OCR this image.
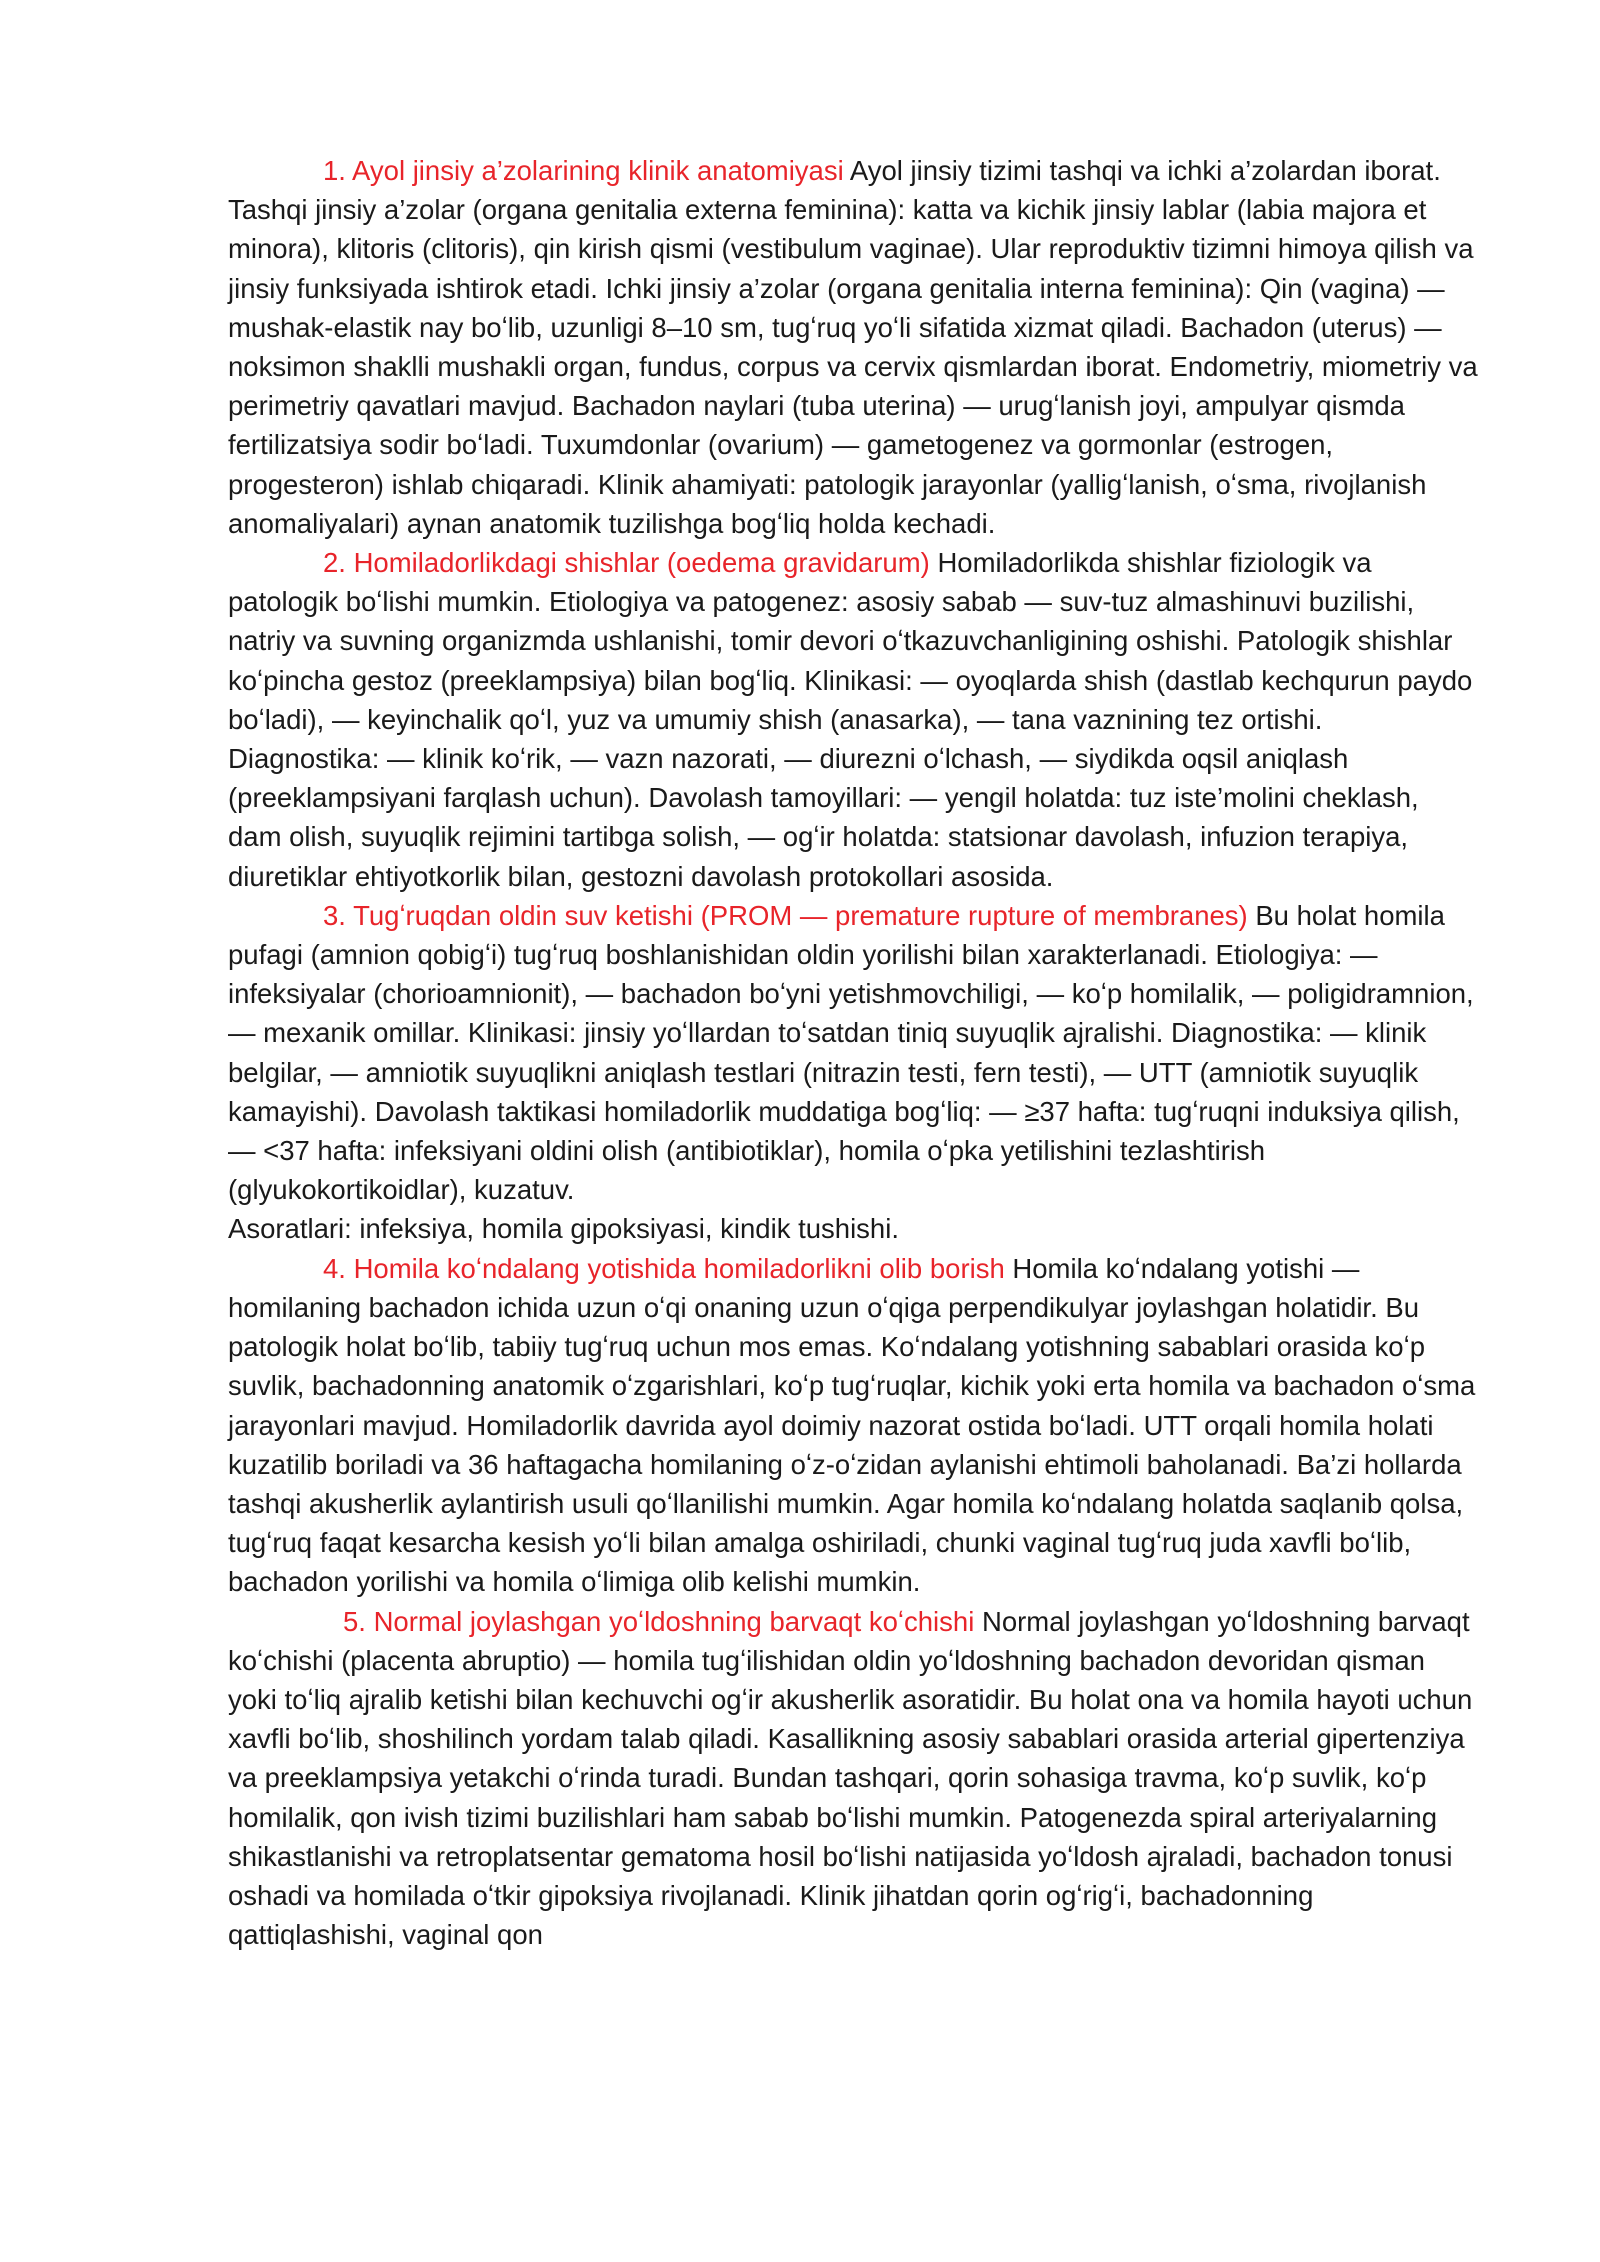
1. Ayol jinsiy a’zolarining klinik anatomiyasi Ayol jinsiy tizimi tashqi va ichki a’zolardan iborat. Tashqi jinsiy a’zolar (organa genitalia externa feminina): katta va kichik jinsiy lablar (labia majora et minora), klitoris (clitoris), qin kirish qismi (vestibulum vaginae). Ular reproduktiv tizimni himoya qilish va jinsiy funksiyada ishtirok etadi. Ichki jinsiy a’zolar (organa genitalia interna feminina): Qin (vagina) — mushak-elastik nay boʻlib, uzunligi 8–10 sm, tugʻruq yoʻli sifatida xizmat qiladi. Bachadon (uterus) — noksimon shaklli mushakli organ, fundus, corpus va cervix qismlardan iborat. Endometriy, miometriy va perimetriy qavatlari mavjud. Bachadon naylari (tuba uterina) — urugʻlanish joyi, ampulyar qismda fertilizatsiya sodir boʻladi. Tuxumdonlar (ovarium) — gametogenez va gormonlar (estrogen, progesteron) ishlab chiqaradi. Klinik ahamiyati: patologik jarayonlar (yalligʻlanish, oʻsma, rivojlanish anomaliyalari) aynan anatomik tuzilishga bogʻliq holda kechadi.

2. Homiladorlikdagi shishlar (oedema gravidarum) Homiladorlikda shishlar fiziologik va patologik boʻlishi mumkin. Etiologiya va patogenez: asosiy sabab — suv-tuz almashinuvi buzilishi, natriy va suvning organizmda ushlanishi, tomir devori oʻtkazuvchanligining oshishi. Patologik shishlar koʻpincha gestoz (preeklampsiya) bilan bogʻliq. Klinikasi: — oyoqlarda shish (dastlab kechqurun paydo boʻladi), — keyinchalik qoʻl, yuz va umumiy shish (anasarka), — tana vaznining tez ortishi. Diagnostika: — klinik koʻrik, — vazn nazorati, — diurezni oʻlchash, — siydikda oqsil aniqlash (preeklampsiyani farqlash uchun). Davolash tamoyillari: — yengil holatda: tuz iste’molini cheklash, dam olish, suyuqlik rejimini tartibga solish, — ogʻir holatda: statsionar davolash, infuzion terapiya, diuretiklar ehtiyotkorlik bilan, gestozni davolash protokollari asosida.

3. Tugʻruqdan oldin suv ketishi (PROM — premature rupture of membranes) Bu holat homila pufagi (amnion qobigʻi) tugʻruq boshlanishidan oldin yorilishi bilan xarakterlanadi. Etiologiya: — infeksiyalar (chorioamnionit), — bachadon boʻyni yetishmovchiligi, — koʻp homilalik, — poligidramnion, — mexanik omillar. Klinikasi: jinsiy yoʻllardan toʻsatdan tiniq suyuqlik ajralishi. Diagnostika: — klinik belgilar, — amniotik suyuqlikni aniqlash testlari (nitrazin testi, fern testi), — UTT (amniotik suyuqlik kamayishi). Davolash taktikasi homiladorlik muddatiga bogʻliq: — ≥37 hafta: tugʻruqni induksiya qilish, — <37 hafta: infeksiyani oldini olish (antibiotiklar), homila oʻpka yetilishini tezlashtirish (glyukokortikoidlar), kuzatuv.
Asoratlari: infeksiya, homila gipoksiyasi, kindik tushishi.

4. Homila koʻndalang yotishida homiladorlikni olib borish Homila koʻndalang yotishi — homilaning bachadon ichida uzun oʻqi onaning uzun oʻqiga perpendikulyar joylashgan holatidir. Bu patologik holat boʻlib, tabiiy tugʻruq uchun mos emas. Koʻndalang yotishning sabablari orasida koʻp suvlik, bachadonning anatomik oʻzgarishlari, koʻp tugʻruqlar, kichik yoki erta homila va bachadon oʻsma jarayonlari mavjud. Homiladorlik davrida ayol doimiy nazorat ostida boʻladi. UTT orqali homila holati kuzatilib boriladi va 36 haftagacha homilaning oʻz-oʻzidan aylanishi ehtimoli baholanadi. Ba’zi hollarda tashqi akusherlik aylantirish usuli qoʻllanilishi mumkin. Agar homila koʻndalang holatda saqlanib qolsa, tugʻruq faqat kesarcha kesish yoʻli bilan amalga oshiriladi, chunki vaginal tugʻruq juda xavfli boʻlib, bachadon yorilishi va homila oʻlimiga olib kelishi mumkin.

5. Normal joylashgan yoʻldoshning barvaqt koʻchishi Normal joylashgan yoʻldoshning barvaqt koʻchishi (placenta abruptio) — homila tugʻilishidan oldin yoʻldoshning bachadon devoridan qisman yoki toʻliq ajralib ketishi bilan kechuvchi ogʻir akusherlik asoratidir. Bu holat ona va homila hayoti uchun xavfli boʻlib, shoshilinch yordam talab qiladi. Kasallikning asosiy sabablari orasida arterial gipertenziya va preeklampsiya yetakchi oʻrinda turadi. Bundan tashqari, qorin sohasiga travma, koʻp suvlik, koʻp homilalik, qon ivish tizimi buzilishlari ham sabab boʻlishi mumkin. Patogenezda spiral arteriyalarning shikastlanishi va retroplatsentar gematoma hosil boʻlishi natijasida yoʻldosh ajraladi, bachadon tonusi oshadi va homilada oʻtkir gipoksiya rivojlanadi. Klinik jihatdan qorin ogʻrigʻi, bachadonning qattiqlashishi, vaginal qon
